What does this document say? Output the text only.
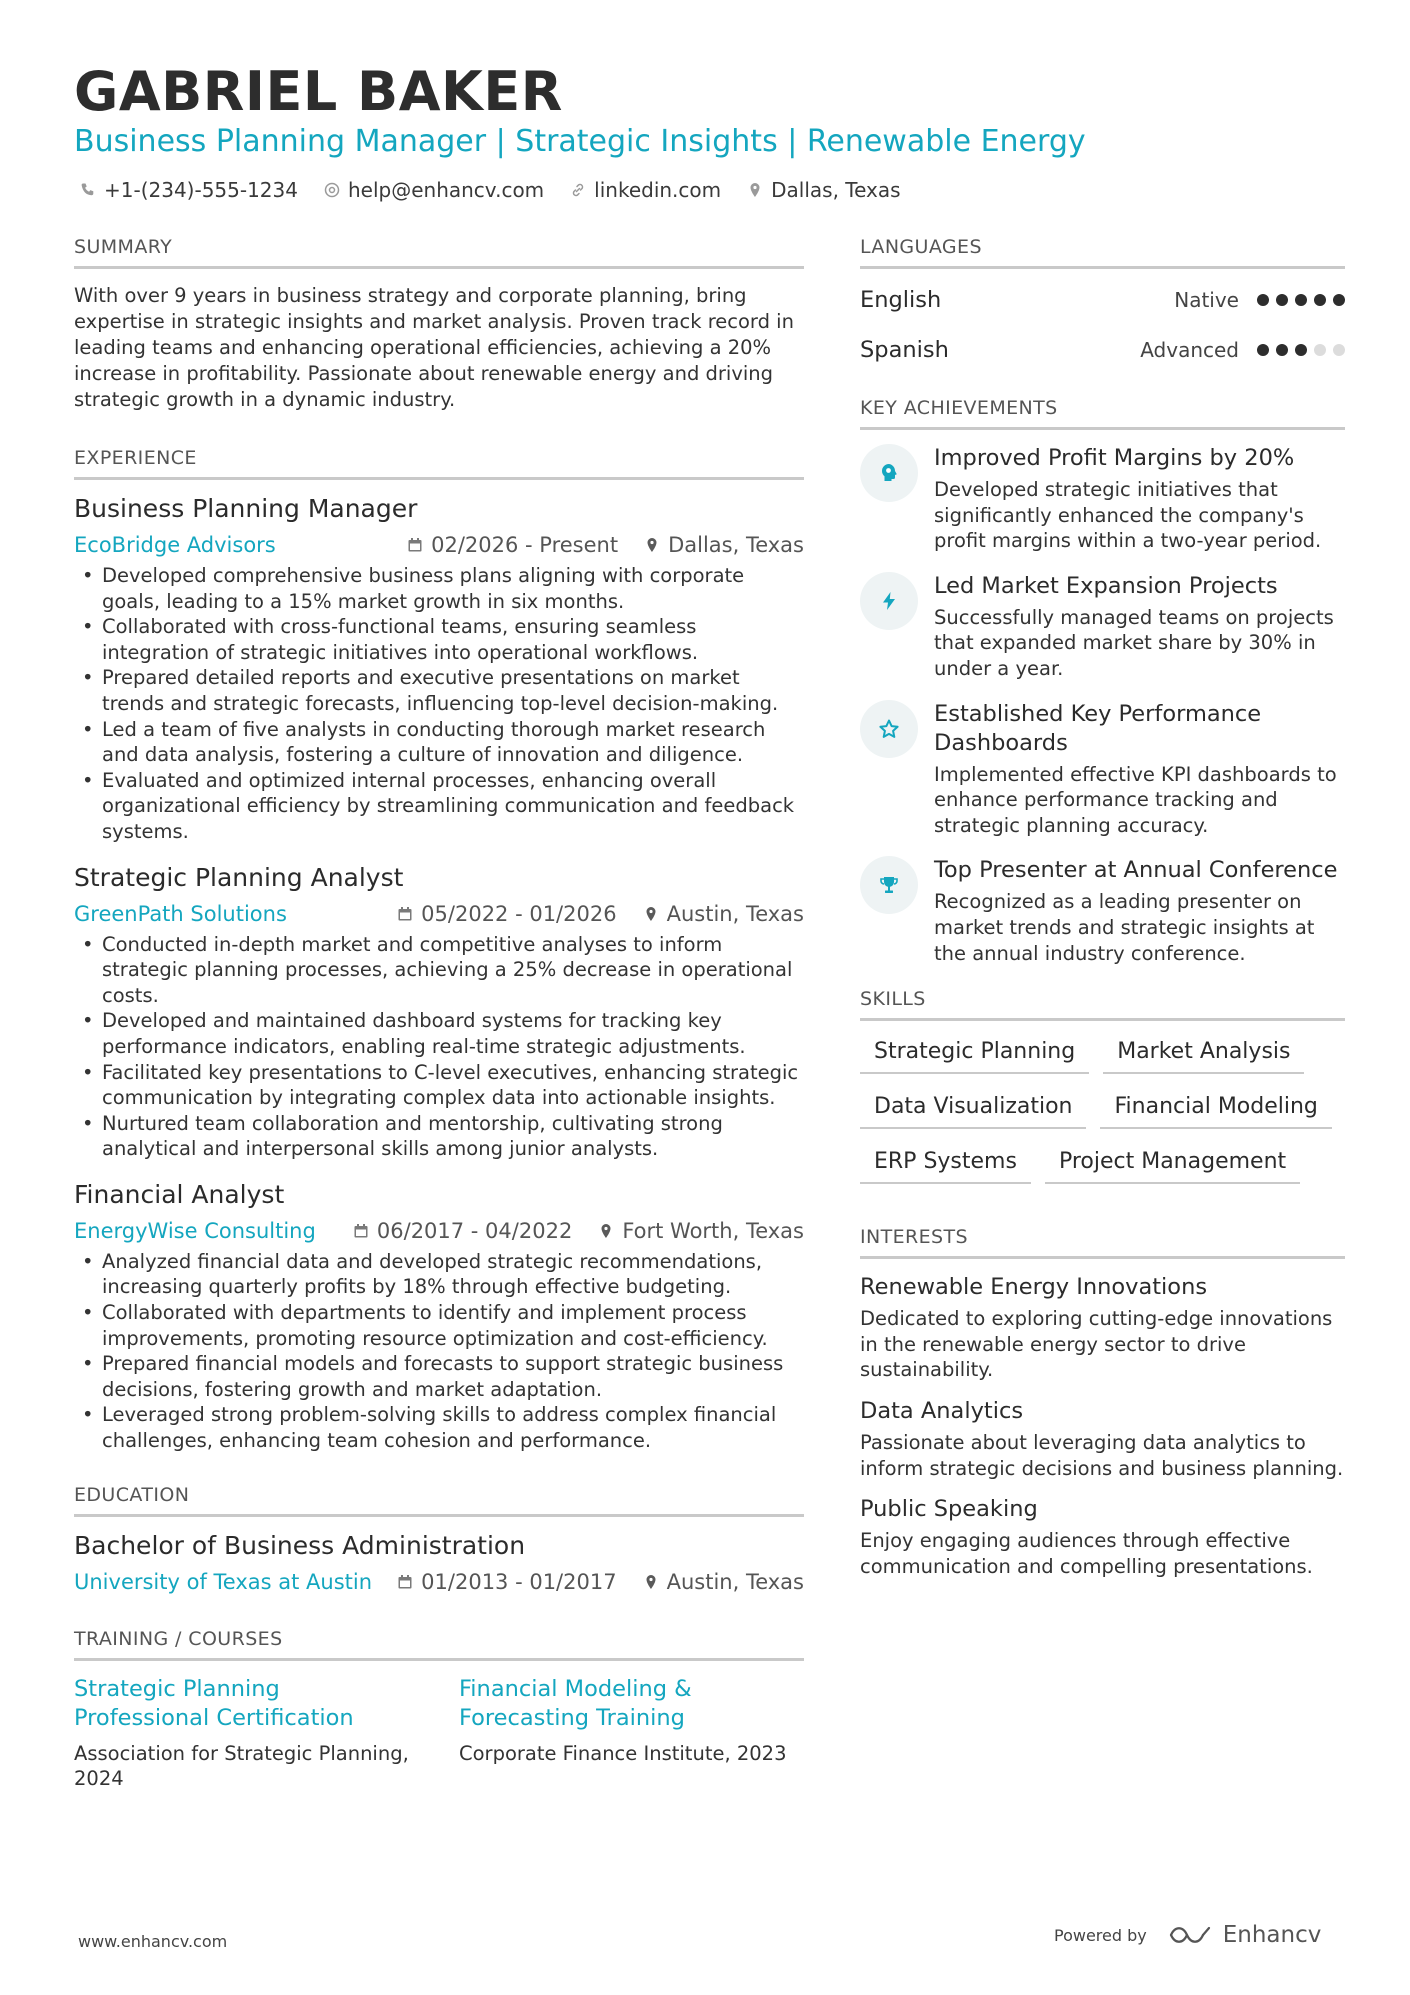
GABRIEL BAKER
Business Planning Manager | Strategic Insights | Renewable Energy
+1-(234)-555-1234	help@enhancv.com	linkedin.com	Dallas, Texas
SUMMARY

With over 9 years in business strategy and corporate planning, bring expertise in strategic insights and market analysis. Proven track record in leading teams and enhancing operational efficiencies, achieving a 20% increase in profitability. Passionate about renewable energy and driving strategic growth in a dynamic industry.

EXPERIENCE
Business Planning Manager
EcoBridge Advisors	02/2026 - Present Dallas, Texas
• Developed comprehensive business plans aligning with corporate goals, leading to a 15% market growth in six months.
• Collaborated with cross-functional teams, ensuring seamless integration of strategic initiatives into operational workflows.
• Prepared detailed reports and executive presentations on market trends and strategic forecasts, influencing top-level decision-making.
• Led a team of five analysts in conducting thorough market research and data analysis, fostering a culture of innovation and diligence.
• Evaluated and optimized internal processes, enhancing overall organizational efficiency by streamlining communication and feedback systems.
Strategic Planning Analyst
GreenPath Solutions	05/2022 - 01/2026 Austin, Texas
• Conducted in-depth market and competitive analyses to inform strategic planning processes, achieving a 25% decrease in operational costs.
• Developed and maintained dashboard systems for tracking key performance indicators, enabling real-time strategic adjustments.
• Facilitated key presentations to C-level executives, enhancing strategic communication by integrating complex data into actionable insights.
• Nurtured team collaboration and mentorship, cultivating strong analytical and interpersonal skills among junior analysts.
Financial Analyst
EnergyWise Consulting	06/2017 - 04/2022 Fort Worth, Texas
• Analyzed financial data and developed strategic recommendations, increasing quarterly profits by 18% through effective budgeting.
• Collaborated with departments to identify and implement process improvements, promoting resource optimization and cost-efficiency.
• Prepared financial models and forecasts to support strategic business decisions, fostering growth and market adaptation.
• Leveraged strong problem-solving skills to address complex financial challenges, enhancing team cohesion and performance.
EDUCATION
Bachelor of Business Administration
University of Texas at Austin	01/2013 - 01/2017 Austin, Texas
TRAINING / COURSES
Strategic Planning Professional Certification
Association for Strategic Planning, 2024
Financial Modeling & Forecasting Training
Corporate Finance Institute, 2023
LANGUAGES
English	Native
Spanish	Advanced
KEY ACHIEVEMENTS
Improved Profit Margins by 20%
Developed strategic initiatives that significantly enhanced the company's profit margins within a two-year period.
Led Market Expansion Projects
Successfully managed teams on projects that expanded market share by 30% in under a year.
Established Key Performance Dashboards
Implemented effective KPI dashboards to enhance performance tracking and strategic planning accuracy.
Top Presenter at Annual Conference
Recognized as a leading presenter on market trends and strategic insights at the annual industry conference.
SKILLS
Strategic Planning	Market Analysis
Data Visualization	Financial Modeling
ERP Systems	Project Management
INTERESTS
Renewable Energy Innovations
Dedicated to exploring cutting-edge innovations in the renewable energy sector to drive sustainability.
Data Analytics
Passionate about leveraging data analytics to inform strategic decisions and business planning.
Public Speaking
Enjoy engaging audiences through effective communication and compelling presentations.
www.enhancv.com	Powered by	Enhancv
